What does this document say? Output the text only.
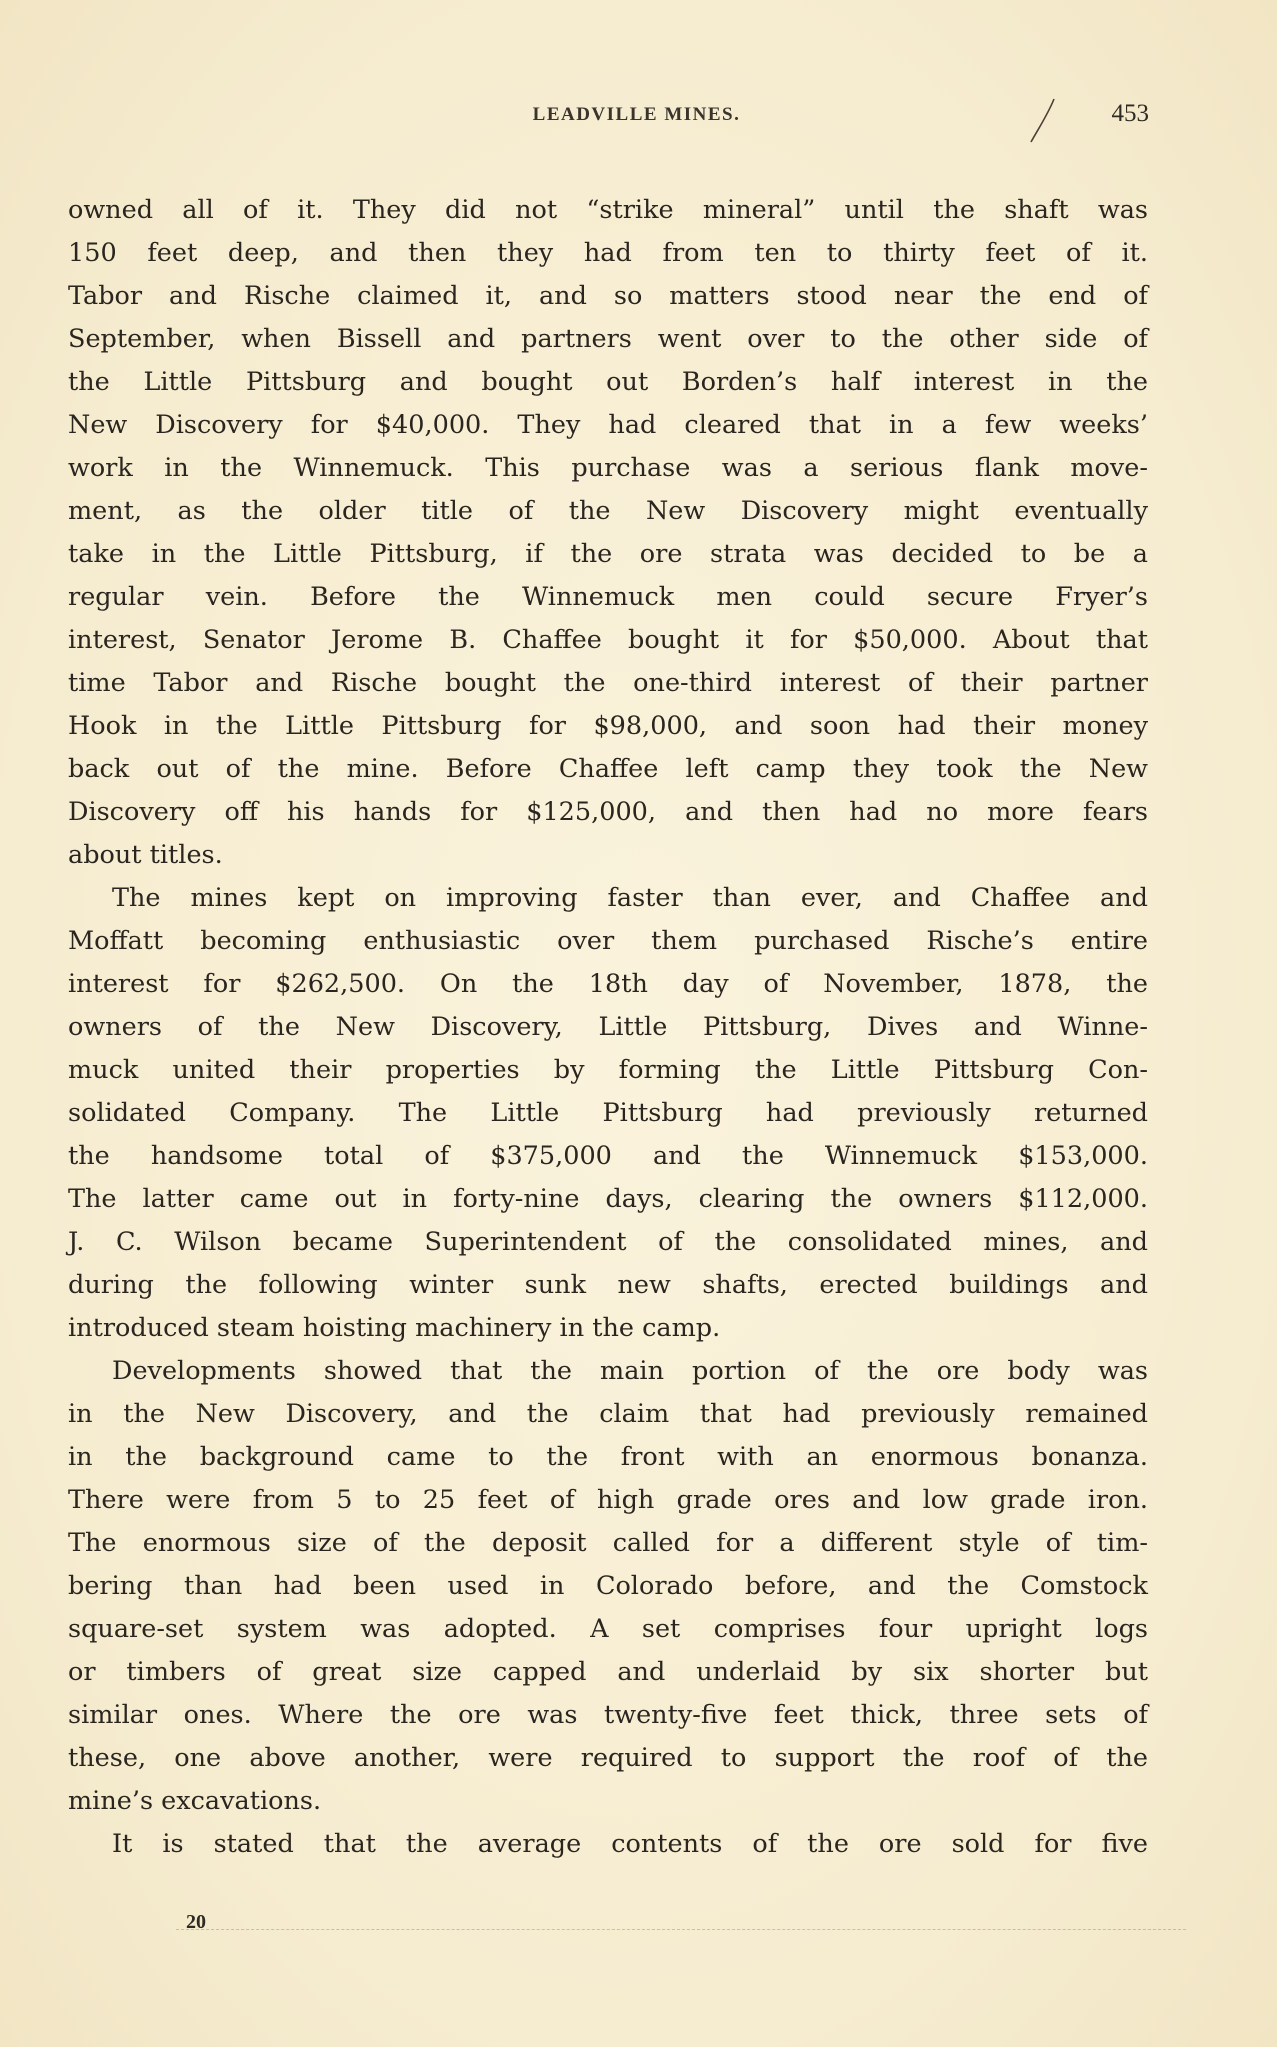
LEADVILLE MINES.	453
owned all of it. They did not “strike mineral” until the shaft was
150 feet deep, and then they had from ten to thirty feet of it.
Tabor and Rische claimed it, and so matters stood near the end of
September, when Bissell and partners went over to the other side of
the Little Pittsburg and bought out Borden’s half interest in the
New Discovery for $40,000. They had cleared that in a few weeks’
work in the Winnemuck. This purchase was a serious flank move-
ment, as the older title of the New Discovery might eventually
take in the Little Pittsburg, if the ore strata was decided to be a
regular vein. Before the Winnemuck men could secure Fryer’s
interest, Senator Jerome B. Chaffee bought it for $50,000. About that
time Tabor and Rische bought the one-third interest of their partner
Hook in the Little Pittsburg for $98,000, and soon had their money
back out of the mine. Before Chaffee left camp they took the New
Discovery off his hands for $125,000, and then had no more fears
about titles.
The mines kept on improving faster than ever, and Chaffee and
Moffatt becoming enthusiastic over them purchased Rische’s entire
interest for $262,500. On the 18th day of November, 1878, the
owners of the New Discovery, Little Pittsburg, Dives and Winne-
muck united their properties by forming the Little Pittsburg Con-
solidated Company. The Little Pittsburg had previously returned
the handsome total of $375,000 and the Winnemuck $153,000.
The latter came out in forty-nine days, clearing the owners $112,000.
J. C. Wilson became Superintendent of the consolidated mines, and
during the following winter sunk new shafts, erected buildings and
introduced steam hoisting machinery in the camp.
Developments showed that the main portion of the ore body was
in the New Discovery, and the claim that had previously remained
in the background came to the front with an enormous bonanza.
There were from 5 to 25 feet of high grade ores and low grade iron.
The enormous size of the deposit called for a different style of tim-
bering than had been used in Colorado before, and the Comstock
square-set system was adopted. A set comprises four upright logs
or timbers of great size capped and underlaid by six shorter but
similar ones. Where the ore was twenty-five feet thick, three sets of
these, one above another, were required to support the roof of the
mine’s excavations.
It is stated that the average contents of the ore sold for five
20
